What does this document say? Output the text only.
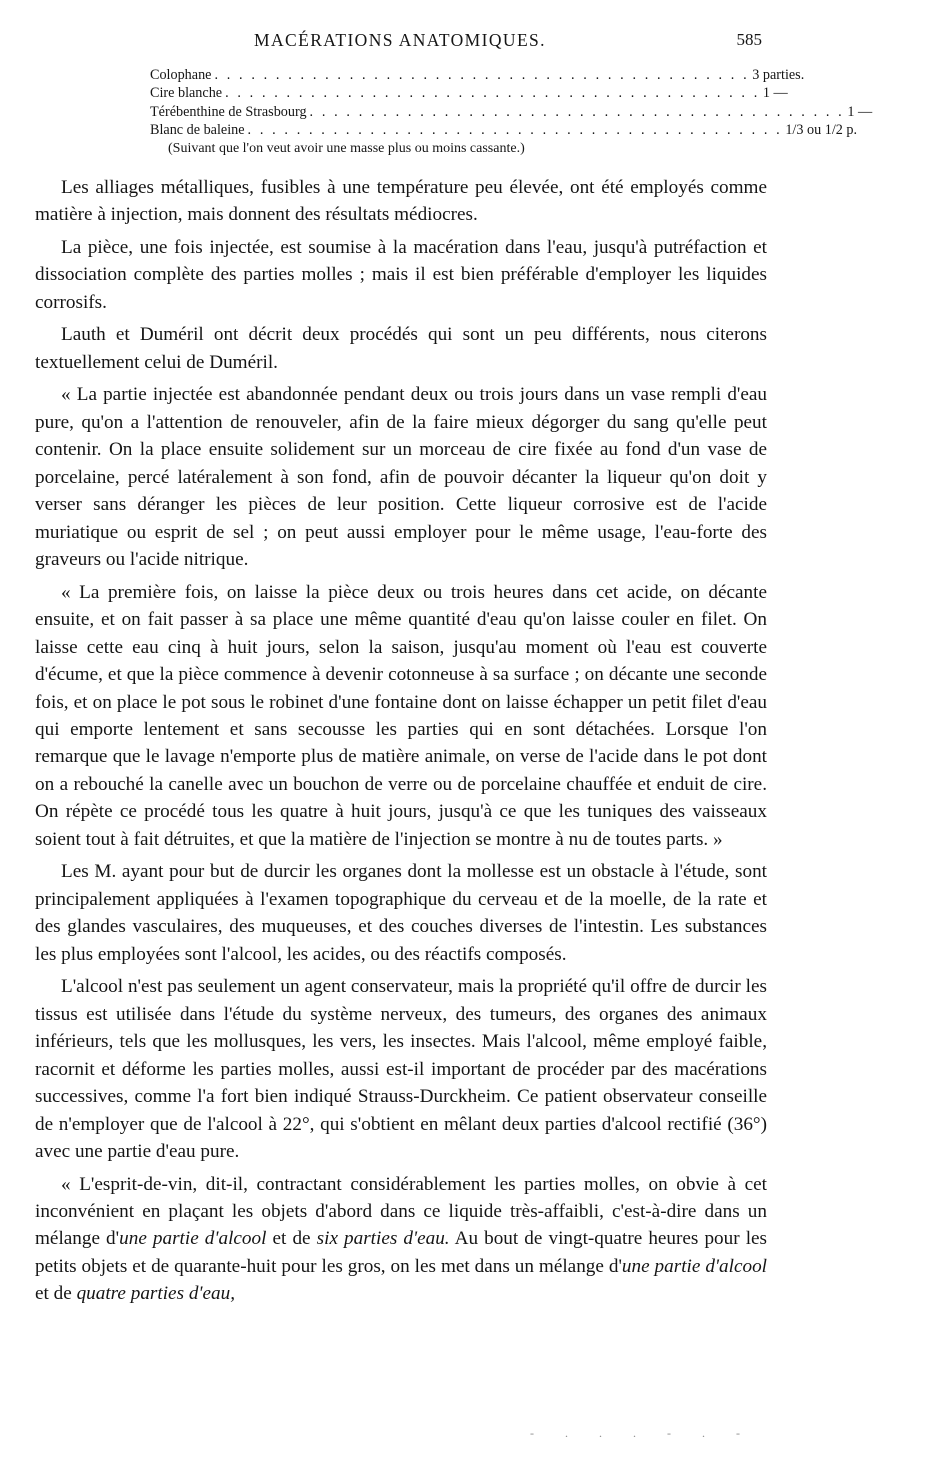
MACÉRATIONS ANATOMIQUES.	585
Colophane . . . . . . . . . . . . . . . . . . . . . . . . . . . . . . . . . . . . . . . . . . . . 3 parties.
Cire blanche . . . . . . . . . . . . . . . . . . . . . . . . . . . . . . . . . . . . . . . . . . . . 1 —
Térébenthine de Strasbourg . . . . . . . . . . . . . . . . . . . . . . . . . . . . . . . . . . . . . . . . . . . . 1 —
Blanc de baleine . . . . . . . . . . . . . . . . . . . . . . . . . . . . . . . . . . . . . . . . . . . . 1/3 ou 1/2 p.
(Suivant que l'on veut avoir une masse plus ou moins cassante.)

Les alliages métalliques, fusibles à une température peu élevée, ont été employés comme matière à injection, mais donnent des résultats médiocres.

La pièce, une fois injectée, est soumise à la macération dans l'eau, jusqu'à putréfaction et dissociation complète des parties molles ; mais il est bien préférable d'employer les liquides corrosifs.

Lauth et Duméril ont décrit deux procédés qui sont un peu différents, nous citerons textuellement celui de Duméril.

« La partie injectée est abandonnée pendant deux ou trois jours dans un vase rempli d'eau pure, qu'on a l'attention de renouveler, afin de la faire mieux dégorger du sang qu'elle peut contenir. On la place ensuite solidement sur un morceau de cire fixée au fond d'un vase de porcelaine, percé latéralement à son fond, afin de pouvoir décanter la liqueur qu'on doit y verser sans déranger les pièces de leur position. Cette liqueur corrosive est de l'acide muriatique ou esprit de sel ; on peut aussi employer pour le même usage, l'eau-forte des graveurs ou l'acide nitrique.

« La première fois, on laisse la pièce deux ou trois heures dans cet acide, on décante ensuite, et on fait passer à sa place une même quantité d'eau qu'on laisse couler en filet. On laisse cette eau cinq à huit jours, selon la saison, jusqu'au moment où l'eau est couverte d'écume, et que la pièce commence à devenir cotonneuse à sa surface ; on décante une seconde fois, et on place le pot sous le robinet d'une fontaine dont on laisse échapper un petit filet d'eau qui emporte lentement et sans secousse les parties qui en sont détachées. Lorsque l'on remarque que le lavage n'emporte plus de matière animale, on verse de l'acide dans le pot dont on a rebouché la canelle avec un bouchon de verre ou de porcelaine chauffée et enduit de cire. On répète ce procédé tous les quatre à huit jours, jusqu'à ce que les tuniques des vaisseaux soient tout à fait détruites, et que la matière de l'injection se montre à nu de toutes parts. »

Les M. ayant pour but de durcir les organes dont la mollesse est un obstacle à l'étude, sont principalement appliquées à l'examen topographique du cerveau et de la moelle, de la rate et des glandes vasculaires, des muqueuses, et des couches diverses de l'intestin. Les substances les plus employées sont l'alcool, les acides, ou des réactifs composés.

L'alcool n'est pas seulement un agent conservateur, mais la propriété qu'il offre de durcir les tissus est utilisée dans l'étude du système nerveux, des tumeurs, des organes des animaux inférieurs, tels que les mollusques, les vers, les insectes. Mais l'alcool, même employé faible, racornit et déforme les parties molles, aussi est-il important de procéder par des macérations successives, comme l'a fort bien indiqué Strauss-Durckheim. Ce patient observateur conseille de n'employer que de l'alcool à 22°, qui s'obtient en mêlant deux parties d'alcool rectifié (36°) avec une partie d'eau pure.

« L'esprit-de-vin, dit-il, contractant considérablement les parties molles, on obvie à cet inconvénient en plaçant les objets d'abord dans ce liquide très-affaibli, c'est-à-dire dans un mélange d'une partie d'alcool et de six parties d'eau. Au bout de vingt-quatre heures pour les petits objets et de quarante-huit pour les gros, on les met dans un mélange d'une partie d'alcool et de quatre parties d'eau,

- . . . - . -
